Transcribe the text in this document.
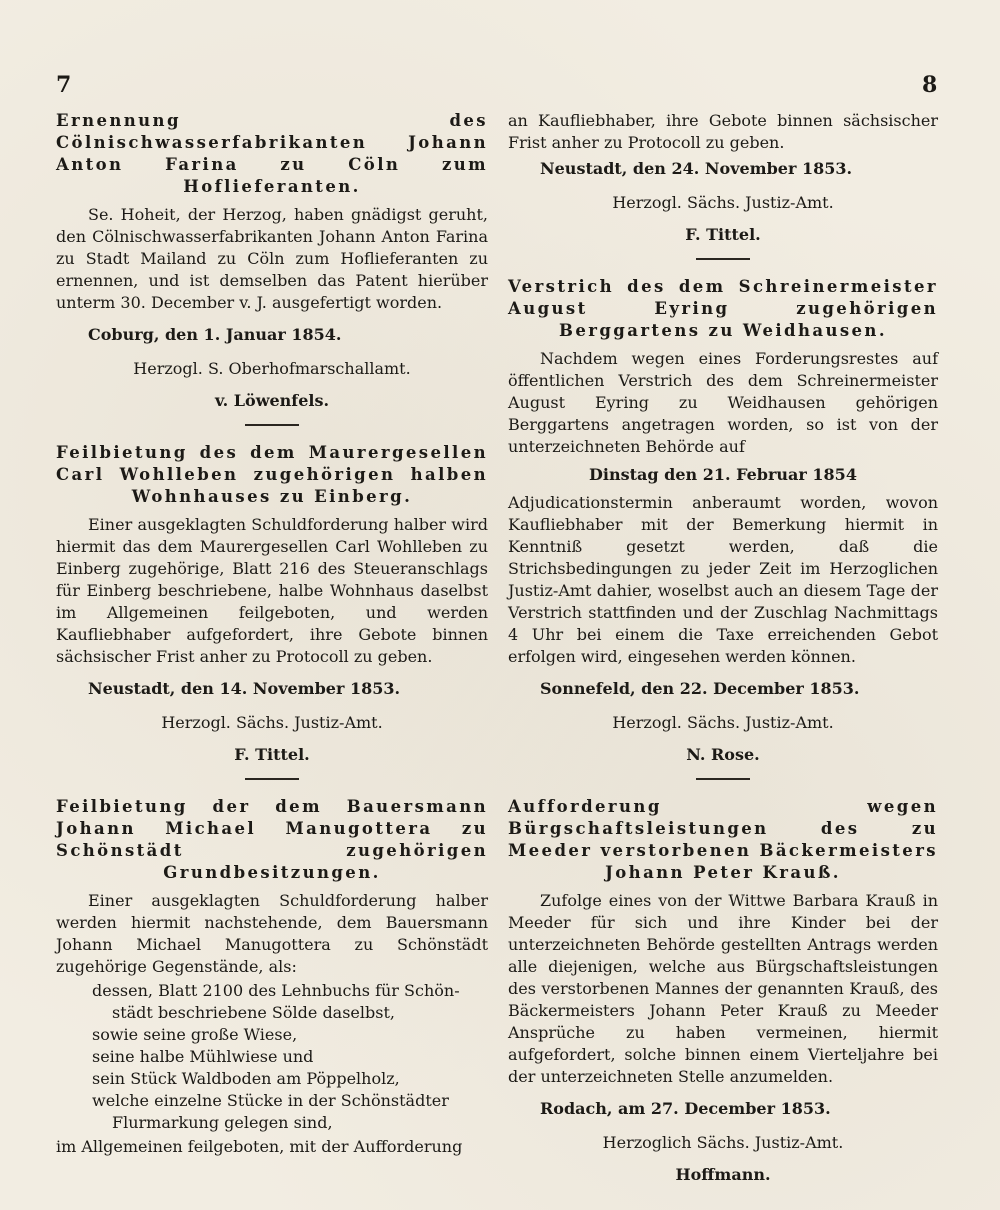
7	8

Ernennung des Cölnischwasserfabrikanten Johann Anton Farina zu Cöln zum Hoflieferanten.

Se. Hoheit, der Herzog, haben gnädigst geruht, den Cölnischwasserfabrikanten Johann Anton Farina zu Stadt Mailand zu Cöln zum Hoflieferanten zu ernennen, und ist demselben das Patent hierüber unterm 30. December v. J. ausgefertigt worden.

Coburg, den 1. Januar 1854.

Herzogl. S. Oberhofmarschallamt.

v. Löwenfels.

Feilbietung des dem Maurergesellen Carl Wohlleben zugehörigen halben Wohnhauses zu Einberg.

Einer ausgeklagten Schuldforderung halber wird hiermit das dem Maurergesellen Carl Wohlleben zu Einberg zugehörige, Blatt 216 des Steueranschlags für Einberg beschriebene, halbe Wohnhaus daselbst im Allgemeinen feilgeboten, und werden Kaufliebhaber aufgefordert, ihre Gebote binnen sächsischer Frist anher zu Protocoll zu geben.

Neustadt, den 14. November 1853.

Herzogl. Sächs. Justiz-Amt.

F. Tittel.

Feilbietung der dem Bauersmann Johann Michael Manugottera zu Schönstädt zugehörigen Grundbesitzungen.

Einer ausgeklagten Schuldforderung halber werden hiermit nachstehende, dem Bauersmann Johann Michael Manugottera zu Schönstädt zugehörige Gegenstände, als:

dessen, Blatt 2100 des Lehnbuchs für Schön-
städt beschriebene Sölde daselbst,
sowie seine große Wiese,
seine halbe Mühlwiese und
sein Stück Waldboden am Pöppelholz,
welche einzelne Stücke in der Schönstädter
Flurmarkung gelegen sind,

im Allgemeinen feilgeboten, mit der Aufforderung

an Kaufliebhaber, ihre Gebote binnen sächsischer Frist anher zu Protocoll zu geben.

Neustadt, den 24. November 1853.

Herzogl. Sächs. Justiz-Amt.

F. Tittel.

Verstrich des dem Schreinermeister August Eyring zugehörigen Berggartens zu Weidhausen.

Nachdem wegen eines Forderungsrestes auf öffentlichen Verstrich des dem Schreinermeister August Eyring zu Weidhausen gehörigen Berggartens angetragen worden, so ist von der unterzeichneten Behörde auf

Dinstag den 21. Februar 1854

Adjudicationstermin anberaumt worden, wovon Kaufliebhaber mit der Bemerkung hiermit in Kenntniß gesetzt werden, daß die Strichsbedingungen zu jeder Zeit im Herzoglichen Justiz-Amt dahier, woselbst auch an diesem Tage der Verstrich stattfinden und der Zuschlag Nachmittags 4 Uhr bei einem die Taxe erreichenden Gebot erfolgen wird, eingesehen werden können.

Sonnefeld, den 22. December 1853.

Herzogl. Sächs. Justiz-Amt.

N. Rose.

Aufforderung wegen Bürgschaftsleistungen des zu Meeder verstorbenen Bäckermeisters Johann Peter Krauß.

Zufolge eines von der Wittwe Barbara Krauß in Meeder für sich und ihre Kinder bei der unterzeichneten Behörde gestellten Antrags werden alle diejenigen, welche aus Bürgschaftsleistungen des verstorbenen Mannes der genannten Krauß, des Bäckermeisters Johann Peter Krauß zu Meeder Ansprüche zu haben vermeinen, hiermit aufgefordert, solche binnen einem Vierteljahre bei der unterzeichneten Stelle anzumelden.

Rodach, am 27. December 1853.

Herzoglich Sächs. Justiz-Amt.

Hoffmann.
